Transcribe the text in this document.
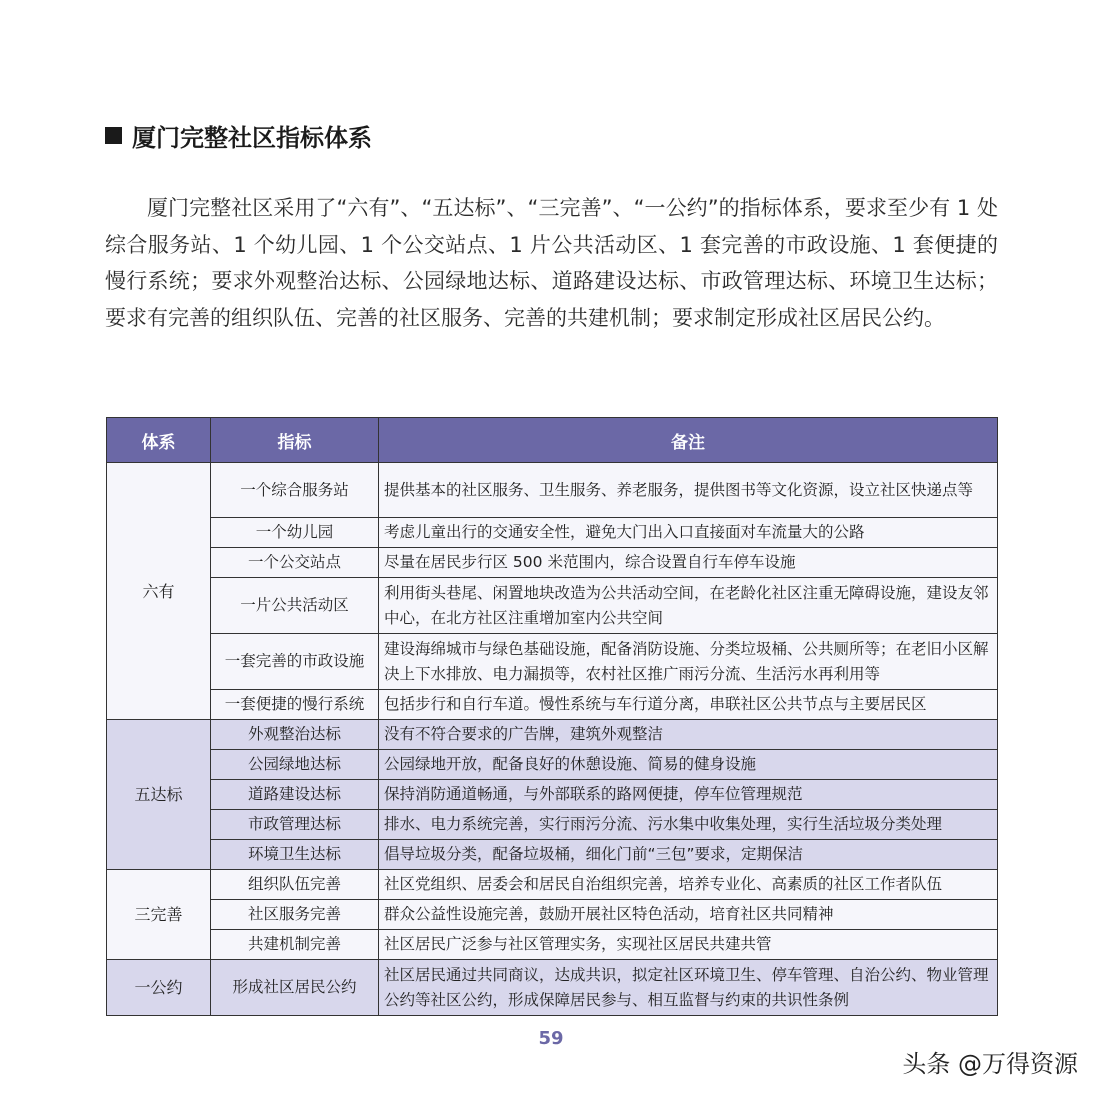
厦门完整社区指标体系
厦门完整社区采用了“六有”、“五达标”、“三完善”、“一公约”的指标体系，要求至少有 1 处综合服务站、1 个幼儿园、1 个公交站点、1 片公共活动区、1 套完善的市政设施、1 套便捷的慢行系统；要求外观整治达标、公园绿地达标、道路建设达标、市政管理达标、环境卫生达标；要求有完善的组织队伍、完善的社区服务、完善的共建机制；要求制定形成社区居民公约。
体系	指标	备注
六有	一个综合服务站	提供基本的社区服务、卫生服务、养老服务，提供图书等文化资源，设立社区快递点等
	一个幼儿园	考虑儿童出行的交通安全性，避免大门出入口直接面对车流量大的公路
	一个公交站点	尽量在居民步行区 500 米范围内，综合设置自行车停车设施
	一片公共活动区	利用街头巷尾、闲置地块改造为公共活动空间，在老龄化社区注重无障碍设施，建设友邻中心，在北方社区注重增加室内公共空间
	一套完善的市政设施	建设海绵城市与绿色基础设施，配备消防设施、分类垃圾桶、公共厕所等；在老旧小区解决上下水排放、电力漏损等，农村社区推广雨污分流、生活污水再利用等
	一套便捷的慢行系统	包括步行和自行车道。慢性系统与车行道分离，串联社区公共节点与主要居民区
五达标	外观整治达标	没有不符合要求的广告牌，建筑外观整洁
	公园绿地达标	公园绿地开放，配备良好的休憩设施、简易的健身设施
	道路建设达标	保持消防通道畅通，与外部联系的路网便捷，停车位管理规范
	市政管理达标	排水、电力系统完善，实行雨污分流、污水集中收集处理，实行生活垃圾分类处理
	环境卫生达标	倡导垃圾分类，配备垃圾桶，细化门前“三包”要求，定期保洁
三完善	组织队伍完善	社区党组织、居委会和居民自治组织完善，培养专业化、高素质的社区工作者队伍
	社区服务完善	群众公益性设施完善，鼓励开展社区特色活动，培育社区共同精神
	共建机制完善	社区居民广泛参与社区管理实务，实现社区居民共建共管
一公约	形成社区居民公约	社区居民通过共同商议，达成共识，拟定社区环境卫生、停车管理、自治公约、物业管理公约等社区公约，形成保障居民参与、相互监督与约束的共识性条例
59
头条 @万得资源
